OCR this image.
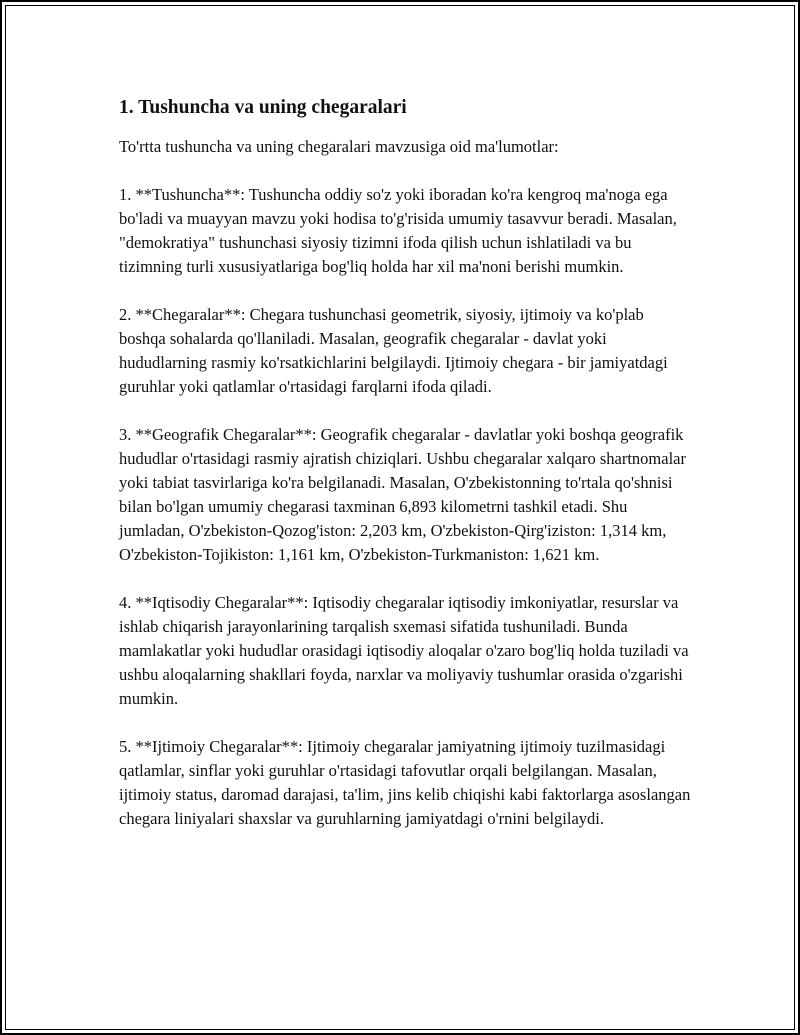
1. Tushuncha va uning chegaralari

To'rtta tushuncha va uning chegaralari mavzusiga oid ma'lumotlar:

1. **Tushuncha**: Tushuncha oddiy so'z yoki iboradan ko'ra kengroq ma'noga ega bo'ladi va muayyan mavzu yoki hodisa to'g'risida umumiy tasavvur beradi. Masalan, "demokratiya" tushunchasi siyosiy tizimni ifoda qilish uchun ishlatiladi va bu tizimning turli xususiyatlariga bog'liq holda har xil ma'noni berishi mumkin.

2. **Chegaralar**: Chegara tushunchasi geometrik, siyosiy, ijtimoiy va ko'plab boshqa sohalarda qo'llaniladi. Masalan, geografik chegaralar - davlat yoki hududlarning rasmiy ko'rsatkichlarini belgilaydi. Ijtimoiy chegara - bir jamiyatdagi guruhlar yoki qatlamlar o'rtasidagi farqlarni ifoda qiladi.

3. **Geografik Chegaralar**: Geografik chegaralar - davlatlar yoki boshqa geografik hududlar o'rtasidagi rasmiy ajratish chiziqlari. Ushbu chegaralar xalqaro shartnomalar yoki tabiat tasvirlariga ko'ra belgilanadi. Masalan, O'zbekistonning to'rtala qo'shnisi bilan bo'lgan umumiy chegarasi taxminan 6,893 kilometrni tashkil etadi. Shu jumladan, O'zbekiston-Qozog'iston: 2,203 km, O'zbekiston-Qirg'iziston: 1,314 km, O'zbekiston-Tojikiston: 1,161 km, O'zbekiston-Turkmaniston: 1,621 km.

4. **Iqtisodiy Chegaralar**: Iqtisodiy chegaralar iqtisodiy imkoniyatlar, resurslar va ishlab chiqarish jarayonlarining tarqalish sxemasi sifatida tushuniladi. Bunda mamlakatlar yoki hududlar orasidagi iqtisodiy aloqalar o'zaro bog'liq holda tuziladi va ushbu aloqalarning shakllari foyda, narxlar va moliyaviy tushumlar orasida o'zgarishi mumkin.

5. **Ijtimoiy Chegaralar**: Ijtimoiy chegaralar jamiyatning ijtimoiy tuzilmasidagi qatlamlar, sinflar yoki guruhlar o'rtasidagi tafovutlar orqali belgilangan. Masalan, ijtimoiy status, daromad darajasi, ta'lim, jins kelib chiqishi kabi faktorlarga asoslangan chegara liniyalari shaxslar va guruhlarning jamiyatdagi o'rnini belgilaydi.
